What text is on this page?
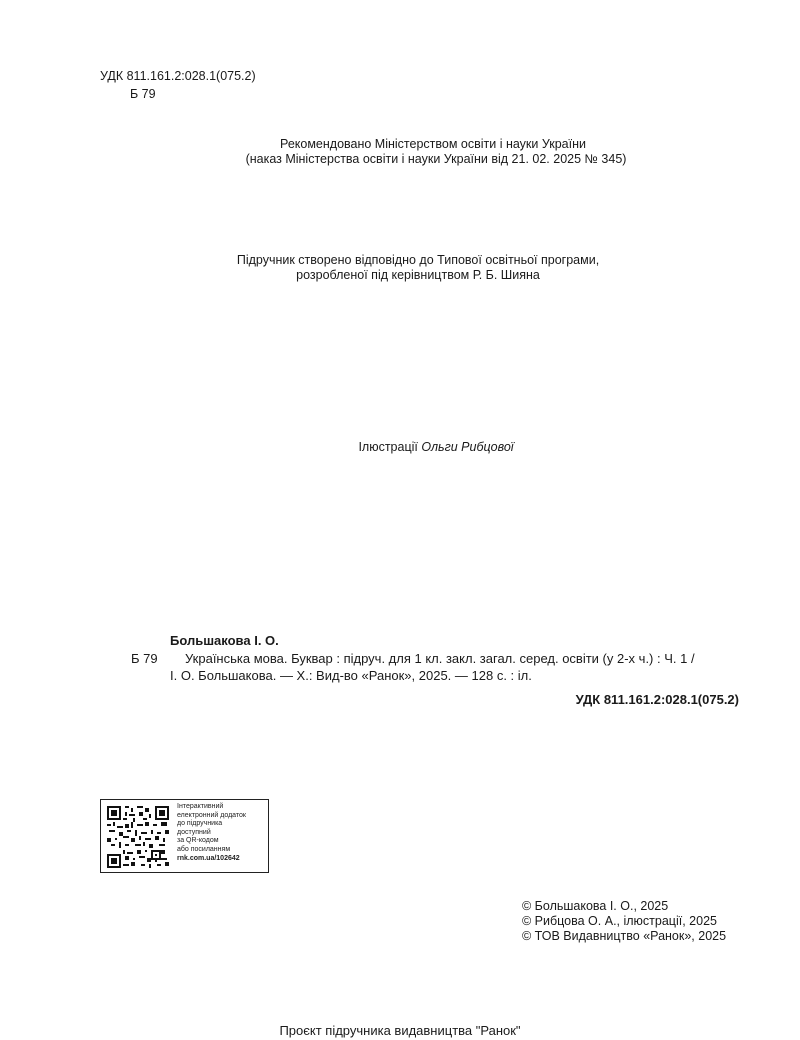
УДК 811.161.2:028.1(075.2)
Б 79
Рекомендовано Міністерством освіти і науки України
(наказ Міністерства освіти і науки України від 21. 02. 2025 № 345)
Підручник створено відповідно до Типової освітньої програми,
розробленої під керівництвом Р. Б. Шияна
Ілюстрації Ольги Рибцової
Большакова І. О.
Б 79 Українська мова. Буквар : підруч. для 1 кл. закл. загал. серед. освіти (у 2-х ч.) : Ч. 1 /
І. О. Большакова. — Х.: Вид-во «Ранок», 2025. — 128 с. : іл.
УДК 811.161.2:028.1(075.2)
Інтерактивний
електронний додаток
до підручника
доступний
за QR-кодом
або посиланням
rnk.com.ua/102642
© Большакова І. О., 2025
© Рибцова О. А., ілюстрації, 2025
© ТОВ Видавництво «Ранок», 2025
Проєкт підручника видавництва "Ранок"
